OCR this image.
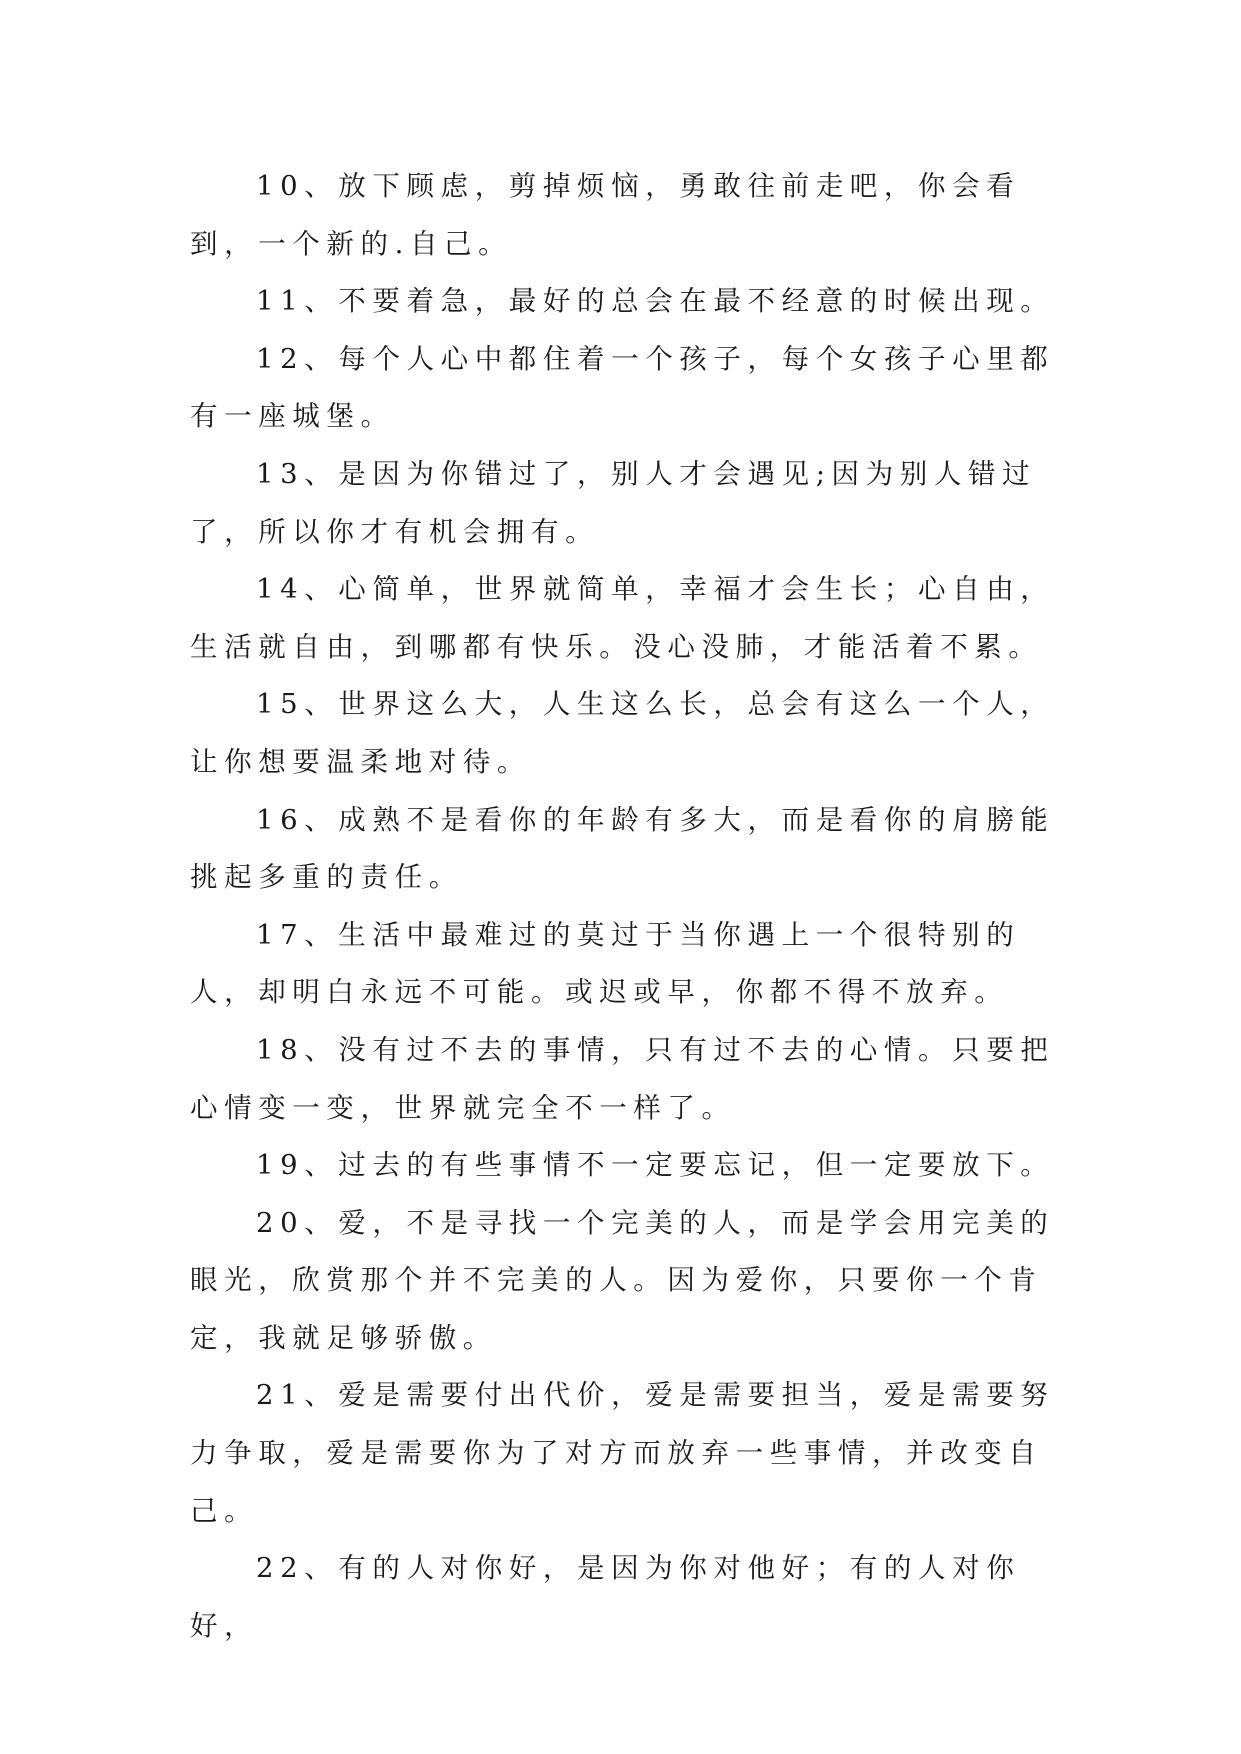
10、放下顾虑，剪掉烦恼，勇敢往前走吧，你会看到，一个新的.自己。

11、不要着急，最好的总会在最不经意的时候出现。

12、每个人心中都住着一个孩子，每个女孩子心里都有一座城堡。

13、是因为你错过了，别人才会遇见;因为别人错过了，所以你才有机会拥有。

14、心简单，世界就简单，幸福才会生长；心自由，生活就自由，到哪都有快乐。没心没肺，才能活着不累。

15、世界这么大，人生这么长，总会有这么一个人，让你想要温柔地对待。

16、成熟不是看你的年龄有多大，而是看你的肩膀能挑起多重的责任。

17、生活中最难过的莫过于当你遇上一个很特别的人，却明白永远不可能。或迟或早，你都不得不放弃。

18、没有过不去的事情，只有过不去的心情。只要把心情变一变，世界就完全不一样了。

19、过去的有些事情不一定要忘记，但一定要放下。

20、爱，不是寻找一个完美的人，而是学会用完美的眼光，欣赏那个并不完美的人。因为爱你，只要你一个肯定，我就足够骄傲。

21、爱是需要付出代价，爱是需要担当，爱是需要努力争取，爱是需要你为了对方而放弃一些事情，并改变自己。

22、有的人对你好，是因为你对他好；有的人对你好，
